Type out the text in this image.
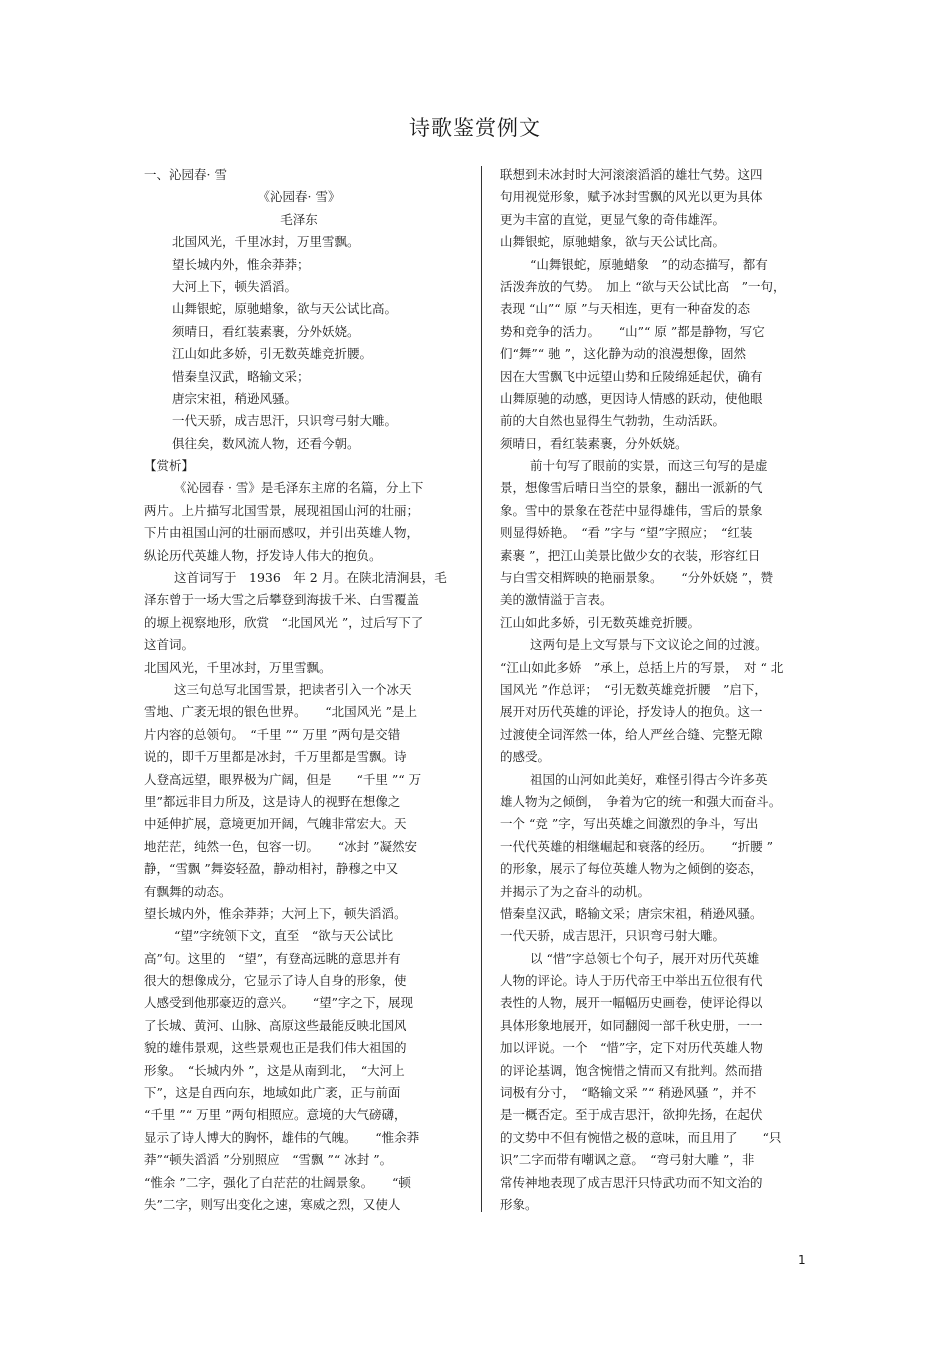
诗歌鉴赏例文
一、沁园春· 雪
《沁园春· 雪》
毛泽东
北国风光，千里冰封，万里雪飘。
望长城内外，惟余莽莽；
大河上下，顿失滔滔。
山舞银蛇，原驰蜡象，欲与天公试比高。
须晴日，看红装素裹，分外妖娆。
江山如此多娇，引无数英雄竞折腰。
惜秦皇汉武，略输文采；
唐宗宋祖，稍逊风骚。
一代天骄，成吉思汗，只识弯弓射大雕。
俱往矣，数风流人物，还看今朝。
【赏析】
《沁园春 · 雪》是毛泽东主席的名篇，分上下
两片。上片描写北国雪景，展现祖国山河的壮丽；
下片由祖国山河的壮丽而感叹，并引出英雄人物，
纵论历代英雄人物，抒发诗人伟大的抱负。
这首词写于　1936　年 2 月。在陕北清涧县，毛
泽东曾于一场大雪之后攀登到海拔千米、白雪覆盖
的塬上视察地形，欣赏　“北国风光 ”，过后写下了
这首词。
北国风光，千里冰封，万里雪飘。
这三句总写北国雪景，把读者引入一个冰天
雪地、广袤无垠的银色世界。　　“北国风光 ”是上
片内容的总领句。　“千里 ”“ 万里 ”两句是交错
说的，即千万里都是冰封，千万里都是雪飘。诗
人登高远望，眼界极为广阔，但是　　“千里 ”“ 万
里”都远非目力所及，这是诗人的视野在想像之
中延伸扩展，意境更加开阔，气魄非常宏大。天
地茫茫，纯然一色，包容一切。　　“冰封 ”凝然安
静，“雪飘 ”舞姿轻盈，静动相衬，静穆之中又
有飘舞的动态。
望长城内外，惟余莽莽；大河上下，顿失滔滔。
“望”字统领下文，直至　“欲与天公试比
高”句。这里的　“望”，有登高远眺的意思并有
很大的想像成分，它显示了诗人自身的形象，使
人感受到他那豪迈的意兴。　　“望”字之下，展现
了长城、黄河、山脉、高原这些最能反映北国风
貌的雄伟景观，这些景观也正是我们伟大祖国的
形象。　“长城内外 ”，这是从南到北，　“大河上
下”，这是自西向东，地域如此广袤，正与前面
“千里 ”“ 万里 ”两句相照应。意境的大气磅礴，
显示了诗人博大的胸怀，雄伟的气魄。　　“惟余莽
莽”“顿失滔滔 ”分别照应　“雪飘 ”“ 冰封 ”。
“惟余 ”二字，强化了白茫茫的壮阔景象。　　“顿
失”二字，则写出变化之速，寒威之烈，又使人
联想到未冰封时大河滚滚滔滔的雄壮气势。这四
句用视觉形象，赋予冰封雪飘的风光以更为具体
更为丰富的直觉，更显气象的奇伟雄浑。
山舞银蛇，原驰蜡象，欲与天公试比高。
“山舞银蛇，原驰蜡象　”的动态描写，都有
活泼奔放的气势。　加上 “欲与天公试比高　”一句，
表现 “山”“ 原 ”与天相连，更有一种奋发的态
势和竞争的活力。　　“山”“ 原 ”都是静物，写它
们“舞”“ 驰 ”，这化静为动的浪漫想像，固然
因在大雪飘飞中远望山势和丘陵绵延起伏，确有
山舞原驰的动感，更因诗人情感的跃动，使他眼
前的大自然也显得生气勃勃，生动活跃。
须晴日，看红装素裹，分外妖娆。
前十句写了眼前的实景，而这三句写的是虚
景，想像雪后晴日当空的景象，翻出一派新的气
象。雪中的景象在苍茫中显得雄伟，雪后的景象
则显得娇艳。　“看 ”字与 “望”字照应；　“红装
素裹 ”，把江山美景比做少女的衣装，形容红日
与白雪交相辉映的艳丽景象。　　“分外妖娆 ”，赞
美的激情溢于言表。
江山如此多娇，引无数英雄竞折腰。
这两句是上文写景与下文议论之间的过渡。
“江山如此多娇　”承上，总括上片的写景，　对 “ 北
国风光 ”作总评；　“引无数英雄竞折腰　”启下，
展开对历代英雄的评论，抒发诗人的抱负。这一
过渡使全词浑然一体，给人严丝合缝、完整无隙
的感受。
祖国的山河如此美好，难怪引得古今许多英
雄人物为之倾倒，　争着为它的统一和强大而奋斗。
一个 “竞 ”字，写出英雄之间激烈的争斗，写出
一代代英雄的相继崛起和衰落的经历。　　“折腰 ”
的形象，展示了每位英雄人物为之倾倒的姿态，
并揭示了为之奋斗的动机。
惜秦皇汉武，略输文采；唐宗宋祖，稍逊风骚。
一代天骄，成吉思汗，只识弯弓射大雕。
以 “惜”字总领七个句子，展开对历代英雄
人物的评论。诗人于历代帝王中举出五位很有代
表性的人物，展开一幅幅历史画卷，使评论得以
具体形象地展开，如同翻阅一部千秋史册，一一
加以评说。一个　“惜”字，定下对历代英雄人物
的评论基调，饱含惋惜之情而又有批判。然而措
词极有分寸，　“略输文采 ”“ 稍逊风骚 ”，并不
是一概否定。至于成吉思汗，欲抑先扬，在起伏
的文势中不但有惋惜之极的意味，而且用了　　“只
识”二字而带有嘲讽之意。　“弯弓射大雕 ”，非
常传神地表现了成吉思汗只恃武功而不知文治的
形象。
1
